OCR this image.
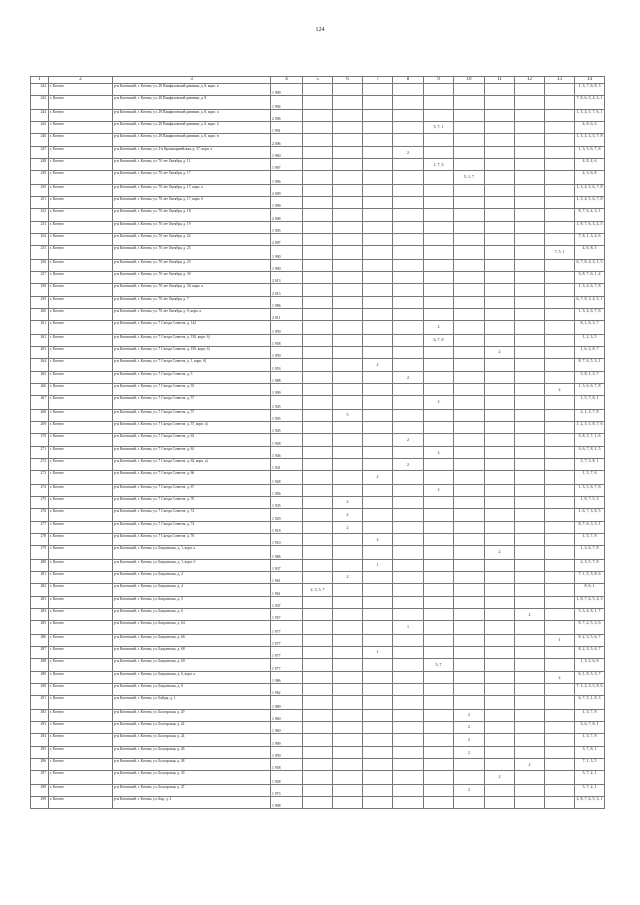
124
1	2	3	4	5	6	7	8	9	10	11	12	13	14
242	г. Котово	р-н Котовский, г. Котово, ул. 28 Панфиловской дивизии, д. 8, корп. а	1 999										1, 3, 7, 6, 8, 3
243	г. Котово	р-н Котовский, г. Котово, ул. 28 Панфиловской дивизии, д. 8	1 994										7, 8, 6, 5, 4, 3, 1
244	г. Котово	р-н Котовский, г. Котово, ул. 28 Панфиловской дивизии, д. 8, корп. а	2 006										1, 3, 4, 5, 7, 6, 1
245	г. Котово	р-н Котовский, г. Котово, ул. 28 Панфиловской дивизии, д. 8, корп. б	1 991					5, 7, 1					4, 8, 6, 3
246	г. Котово	р-н Котовский, г. Котово, ул. 28 Панфиловской дивизии, д. 8, корп. в	2 006										1, 3, 4, 3, 5, 7, 8
247	г. Котово	р-н Котовский, г. Котово, ул. 3-я Красноармейская, д. 37, корп. а	1 960				2						1, 3, 5, 6, 7, 8
248	г. Котово	р-н Котовский, г. Котово, ул. 70 лет Октября, д. 11	1 997					1, 7, 3					4, 8, 4, 6
249	г. Котово	р-н Котовский, г. Котово, ул. 70 лет Октября, д. 17	1 996						5, 1, 7				4, 3, 6, 8
250	г. Котово	р-н Котовский, г. Котово, ул. 70 лет Октября, д. 17, корп. а	2 009										1, 3, 4, 5, 6, 7, 8
251	г. Котово	р-н Котовский, г. Котово, ул. 70 лет Октября, д. 17, корп. б	1 999										1, 3, 4, 5, 6, 7, 8
252	г. Котово	р-н Котовский, г. Котово, ул. 70 лет Октября, д. 18	2 008										8, 7, 6, 4, 3, 1
253	г. Котово	р-н Котовский, г. Котово, ул. 70 лет Октября, д. 19	1 995										1, 8, 7, 6, 3, 4, 5
254	г. Котово	р-н Котовский, г. Котово, ул. 70 лет Октября, д. 22	2 007										7, 8, 1, 3, 4, 6
255	г. Котово	р-н Котовский, г. Котово, ул. 70 лет Октября, д. 23	1 990									7, 5, 1	4, 6, 8, 3
256	г. Котово	р-н Котовский, г. Котово, ул. 70 лет Октября, д. 25	1 990										6, 7, 8, 4, 3, 1, 5
257	г. Котово	р-н Котовский, г. Котово, ул. 70 лет Октября, д. 30	2 013										3, 8, 7, 6, 1, 4
258	г. Котово	р-н Котовский, г. Котово, ул. 70 лет Октября, д. 30, корп. а	2 013										1, 3, 4, 6, 7, 8
259	г. Котово	р-н Котовский, г. Котово, ул. 70 лет Октября, д. 7	1 986										6, 7, 8, 3, 4, 5, 1
260	г. Котово	р-н Котовский, г. Котово, ул. 70 лет Октября, д. 9, корп. а	2 011										1, 3, 4, 6, 7, 8
261	г. Котово	р-н Котовский, г. Котово, ул. 7 Съезда Советов, д. 142	1 959					2					8, 1, 6, 3, 7
262	г. Котово	р-н Котовский, г. Котово, ул. 7 Съезда Советов, д. 150, корп. б)	1 958					6, 7, 8					1, 2, 3, 5
263	г. Котово	р-н Котовский, г. Котово, ул. 7 Съезда Советов, д. 150, корп. б)	1 959							2			1, 6, 2, 8, 7
264	г. Котово	р-н Котовский, г. Котово, ул. 7 Съезда Советов, д. 1, корп. б)	1 953			2							8, 7, 6, 5, 3, 1
265	г. Котово	р-н Котовский, г. Котово, ул. 7 Съезда Советов, д. 3	1 988				2						5, 8, 1, 3, 7
266	г. Котово	р-н Котовский, г. Котово, ул. 7 Съезда Советов, д. 35	1 999									2	1, 3, 6, 6, 7, 8
267	г. Котово	р-н Котовский, г. Котово, ул. 7 Съезда Советов, д. 57	1 945					2					1, 5, 7, 8, 1
268	г. Котово	р-н Котовский, г. Котово, ул. 7 Съезда Советов, д. 57	1 995		5								2, 1, 3, 7, 8
269	г. Котово	р-н Котовский, г. Котово, ул. 7 Съезда Советов, д. 57, корп. а)	1 945										1, 2, 3, 5, 8, 7, 6
270	г. Котово	р-н Котовский, г. Котово, ул. 7 Съезда Советов, д. 63	1 958				2						3, 8, 5, 7, 1, 6
271	г. Котово	р-н Котовский, г. Котово, ул. 7 Съезда Советов, д. 63	1 946					2					3, 6, 7, 8, 1, 5
272	г. Котово	р-н Котовский, г. Котово, ул. 7 Съезда Советов, д. 63, корп. а)	1 941				2						5, 7, 3, 8, 1
273	г. Котово	р-н Котовский, г. Котово, ул. 7 Съезда Советов, д. 66	1 928			2							1, 5, 7, 6
274	г. Котово	р-н Котовский, г. Котово, ул. 7 Съезда Советов, д. 67	1 956					2					1, 3, 5, 6, 7, 8
275	г. Котово	р-н Котовский, г. Котово, ул. 7 Съезда Советов, д. 70	1 935		2								1, 8, 7, 5, 3
276	г. Котово	р-н Котовский, г. Котово, ул. 7 Съезда Советов, д. 72	1 929		2								1, 6, 7, 3, 8, 5
277	г. Котово	р-н Котовский, г. Котово, ул. 7 Съезда Советов, д. 74	1 918		2								8, 7, 6, 3, 5, 1
278	г. Котово	р-н Котовский, г. Котово, ул. 7 Съезда Советов, д. 76	1 910			2							1, 5, 7, 8
279	г. Котово	р-н Котовский, г. Котово, ул. Багратиона, д. 1, корп. а	1 986							2			1, 3, 6, 7, 8
280	г. Котово	р-н Котовский, г. Котово, ул. Багратиона, д. 1, корп. б	1 937			1							2, 3, 5, 7, 8
281	г. Котово	р-н Котовский, г. Котово, ул. Багратиона, д. 2	1 961		2								7, 1, 5, 3, 8, 6
282	г. Котово	р-н Котовский, г. Котово, ул. Багратиона, д. 4	1 961	2, 3, 5, 7									8, 6, 1
283	г. Котово	р-н Котовский, г. Котово, ул. Багратиона, д. 5	1 947										1, 8, 7, 6, 5, 4, 3
284	г. Котово	р-н Котовский, г. Котово, ул. Багратиона, д. 6	1 957								2		5, 3, 4, 8, 1, 7
285	г. Котово	р-н Котовский, г. Котово, ул. Багратиона, д. 64	1 977				1						8, 7, 2, 5, 3, 6
286	г. Котово	р-н Котовский, г. Котово, ул. Багратиона, д. 66	1 977									1	8, 2, 3, 5, 6, 7
287	г. Котово	р-н Котовский, г. Котово, ул. Багратиона, д. 68	1 977			1							8, 2, 3, 5, 6, 7
288	г. Котово	р-н Котовский, г. Котово, ул. Багратиона, д. 69	1 977					5, 7					1, 3, 2, 6, 8
289	г. Котово	р-н Котовский, г. Котово, ул. Багратиона, д. 6, корп. а	1 986									2	6, 1, 8, 5, 3, 7
290	г. Котово	р-н Котовский, г. Котово, ул. Багратиона, д. 8	1 962										7, 1, 2, 3, 5, 8, 6
291	г. Котово	р-н Котовский, г. Котово, ул. Байды, д. 1	1 989										6, 7, 5, 1, 8, 3
292	г. Котово	р-н Котовский, г. Котово, ул. Болгарская, д. 20	1 960						2				1, 3, 7, 8
293	г. Котово	р-н Котовский, г. Котово, ул. Болгарская, д. 22	1 960						2				3, 6, 7, 8, 1
294	г. Котово	р-н Котовский, г. Котово, ул. Болгарская, д. 24	1 999						2				1, 3, 7, 8
295	г. Котово	р-н Котовский, г. Котово, ул. Болгарская, д. 26	1 959						2				3, 7, 8, 1
296	г. Котово	р-н Котовский, г. Котово, ул. Болгарская, д. 28	1 958								2		7, 1, 3, 5
297	г. Котово	р-н Котовский, г. Котово, ул. Болгарская, д. 30	1 958							2			5, 7, 2, 1
298	г. Котово	р-н Котовский, г. Котово, ул. Болгарская, д. 47	1 973						2				5, 7, 2, 1
299	г. Котово	р-н Котовский, г. Котово, ул. Бор, д. 2	1 998										2, 8, 7, 6, 5, 3, 1
